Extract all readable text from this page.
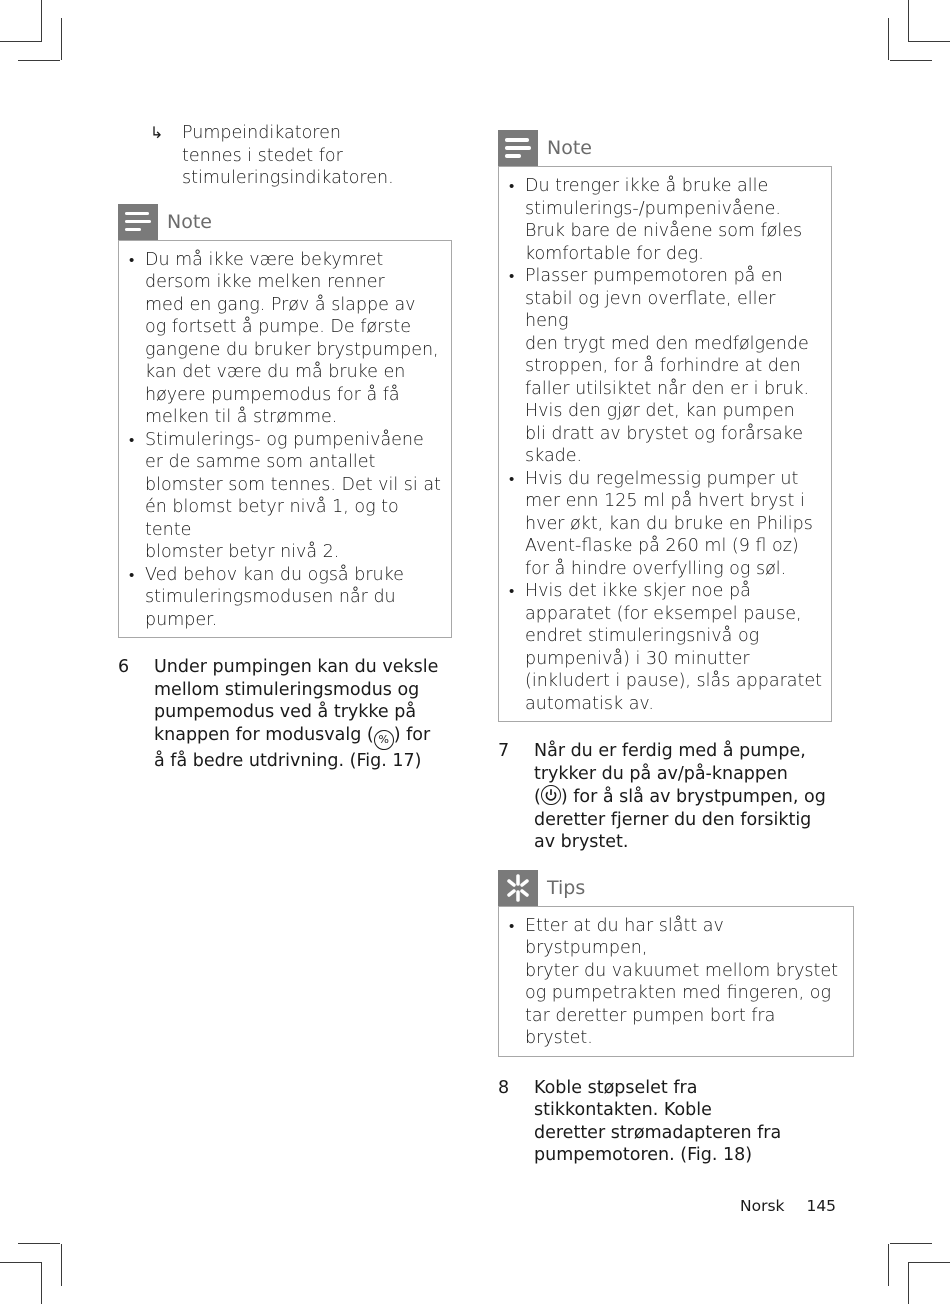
↳ Pumpeindikatoren
tennes i stedet for
stimuleringsindikatoren.
Note
• Du må ikke være bekymret
dersom ikke melken renner
med en gang. Prøv å slappe av
og fortsett å pumpe. De første
gangene du bruker brystpumpen,
kan det være du må bruke en
høyere pumpemodus for å få
melken til å strømme.
• Stimulerings- og pumpenivåene
er de samme som antallet
blomster som tennes. Det vil si at
én blomst betyr nivå 1, og to tente
blomster betyr nivå 2.
• Ved behov kan du også bruke
stimuleringsmodusen når du
pumper.
6 Under pumpingen kan du veksle
mellom stimuleringsmodus og
pumpemodus ved å trykke på
knappen for modusvalg ( % ) for
å få bedre utdrivning. (Fig. 17)
Note
• Du trenger ikke å bruke alle
stimulerings-/pumpenivåene.
Bruk bare de nivåene som føles
komfortable for deg.
• Plasser pumpemotoren på en
stabil og jevn overflate, eller heng
den trygt med den medfølgende
stroppen, for å forhindre at den
faller utilsiktet når den er i bruk.
Hvis den gjør det, kan pumpen
bli dratt av brystet og forårsake
skade.
• Hvis du regelmessig pumper ut
mer enn 125 ml på hvert bryst i
hver økt, kan du bruke en Philips
Avent-flaske på 260 ml (9 fl oz)
for å hindre overfylling og søl.
• Hvis det ikke skjer noe på
apparatet (for eksempel pause,
endret stimuleringsnivå og
pumpenivå) i 30 minutter
(inkludert i pause), slås apparatet
automatisk av.
7 Når du er ferdig med å pumpe,
trykker du på av/på-knappen
( ) for å slå av brystpumpen, og
deretter fjerner du den forsiktig
av brystet.
Tips
• Etter at du har slått av brystpumpen,
bryter du vakuumet mellom brystet
og pumpetrakten med fingeren, og
tar deretter pumpen bort fra brystet.
8 Koble støpselet fra
stikkontakten. Koble
deretter strømadapteren fra
pumpemotoren. (Fig. 18)
Norsk 145
